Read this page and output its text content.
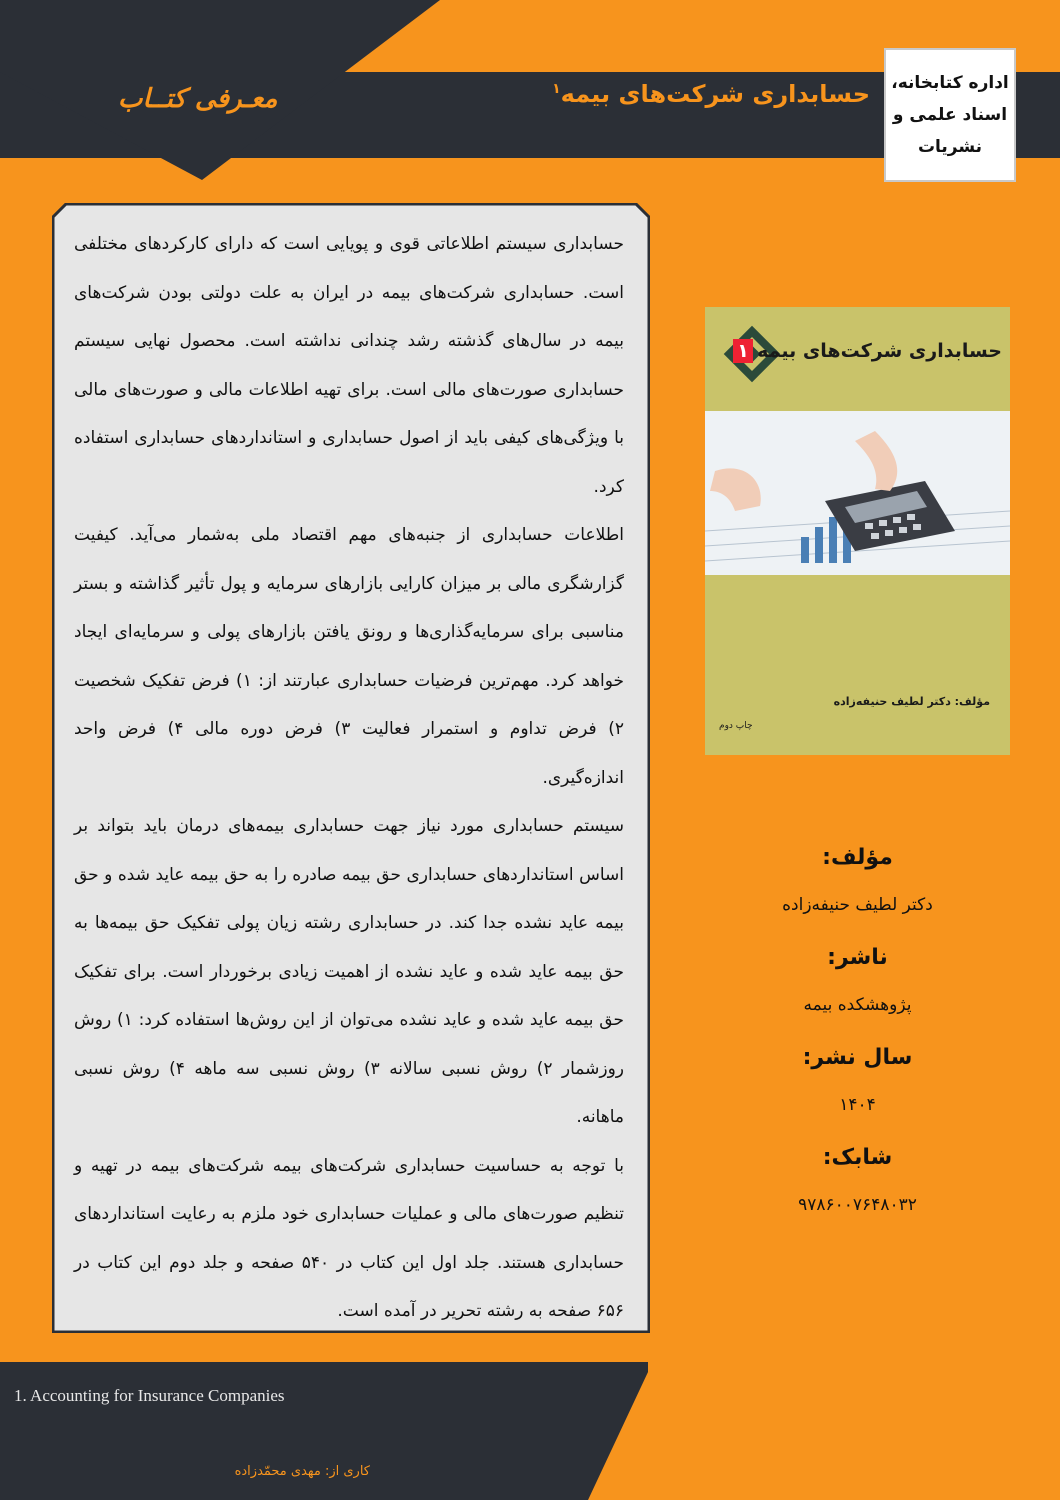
معـرفی کتــاب	حسابداری شرکت‌های بیمه$^۱$	اداره کتابخانه، اسناد علمی و نشریات

حسابداری سیستم اطلاعاتی قوی و پویایی است که دارای کارکردهای مختلفی است. حسابداری شرکت‌های بیمه در ایران به علت دولتی بودن شرکت‌های بیمه در سال‌های گذشته رشد چندانی نداشته است. محصول نهایی سیستم حسابداری صورت‌های مالی است. برای تهیه اطلاعات مالی و صورت‌های مالی با ویژگی‌های کیفی باید از اصول حسابداری و استانداردهای حسابداری استفاده کرد.

اطلاعات حسابداری از جنبه‌های مهم اقتصاد ملی به‌شمار می‌آید. کیفیت گزارشگری مالی بر میزان کارایی بازارهای سرمایه و پول تأثیر گذاشته و بستر مناسبی برای سرمایه‌گذاری‌ها و رونق یافتن بازارهای پولی و سرمایه‌ای ایجاد خواهد کرد. مهم‌ترین فرضیات حسابداری عبارتند از: ۱) فرض تفکیک شخصیت ۲) فرض تداوم و استمرار فعالیت ۳) فرض دوره مالی ۴) فرض واحد اندازه‌گیری.

سیستم حسابداری مورد نیاز جهت حسابداری بیمه‌های درمان باید بتواند بر اساس استانداردهای حسابداری حق بیمه صادره را به حق بیمه عاید شده و حق بیمه عاید نشده جدا کند. در حسابداری رشته زیان پولی تفکیک حق بیمه‌ها به حق بیمه عاید شده و عاید نشده از اهمیت زیادی برخوردار است. برای تفکیک حق بیمه عاید شده و عاید نشده می‌توان از این روش‌ها استفاده کرد: ۱) روش روزشمار ۲) روش نسبی سالانه ۳) روش نسبی سه ماهه ۴) روش نسبی ماهانه.

با توجه به حساسیت حسابداری شرکت‌های بیمه شرکت‌های بیمه در تهیه و تنظیم صورت‌های مالی و عملیات حسابداری خود ملزم به رعایت استانداردهای حسابداری هستند. جلد اول این کتاب در ۵۴۰ صفحه و جلد دوم این کتاب در ۶۵۶ صفحه به رشته تحریر در آمده است.

حسابداری شرکت‌های بیمه۱
مؤلف: دکتر لطیف حنیفه‌زاده
چاپ دوم

مؤلف:

دکتر لطیف حنیفه‌زاده

ناشر:

پژوهشکده بیمه

سال نشر:

۱۴۰۴

شابک:

۹۷۸۶۰۰۷۶۴۸۰۳۲

1. Accounting for Insurance Companies
کاری از: مهدی محمّدزاده
